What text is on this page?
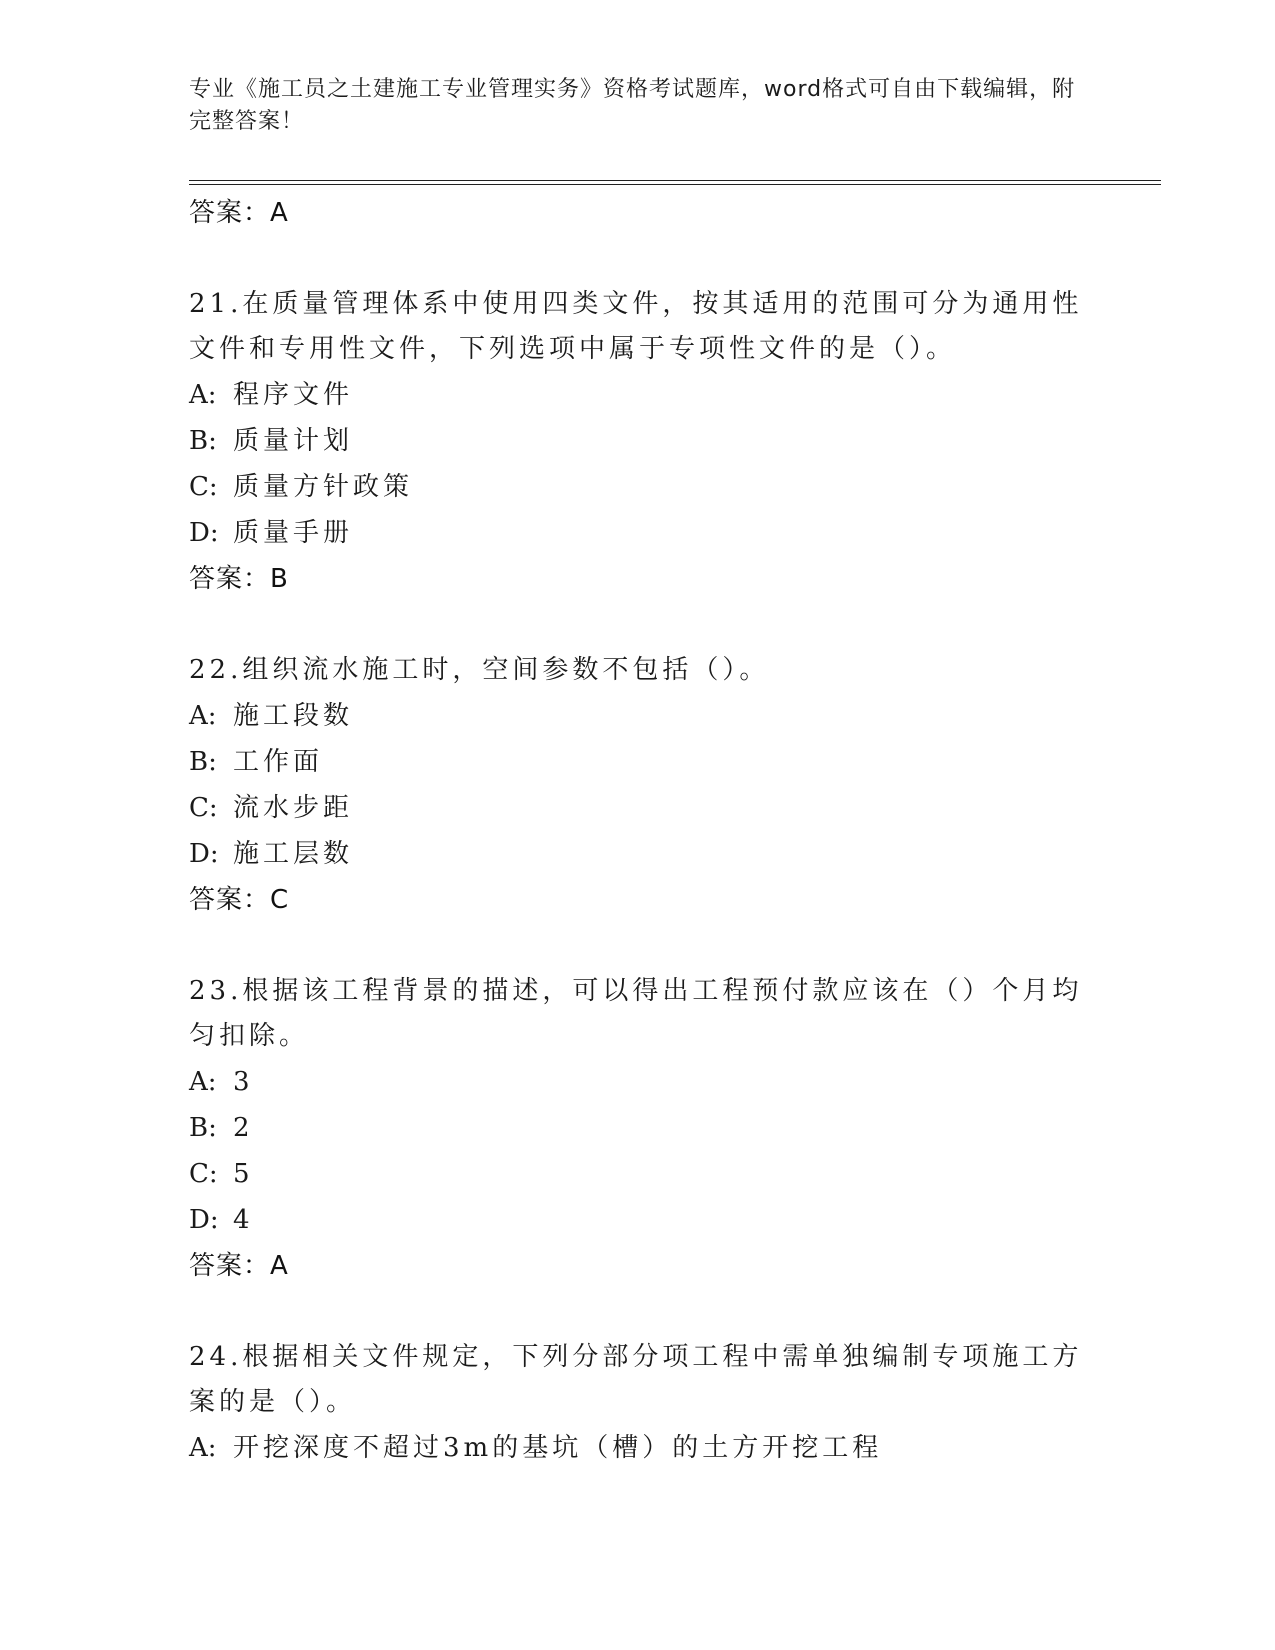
专业《施工员之土建施工专业管理实务》资格考试题库，word格式可自由下载编辑，附完整答案！
答案：A
21.在质量管理体系中使用四类文件，按其适用的范围可分为通用性文件和专用性文件，下列选项中属于专项性文件的是（）。
A: 程序文件
B: 质量计划
C: 质量方针政策
D: 质量手册
答案：B
22.组织流水施工时，空间参数不包括（）。
A: 施工段数
B: 工作面
C: 流水步距
D: 施工层数
答案：C
23.根据该工程背景的描述，可以得出工程预付款应该在（）个月均匀扣除。
A: 3
B: 2
C: 5
D: 4
答案：A
24.根据相关文件规定，下列分部分项工程中需单独编制专项施工方案的是（）。
A: 开挖深度不超过3m的基坑（槽）的土方开挖工程
